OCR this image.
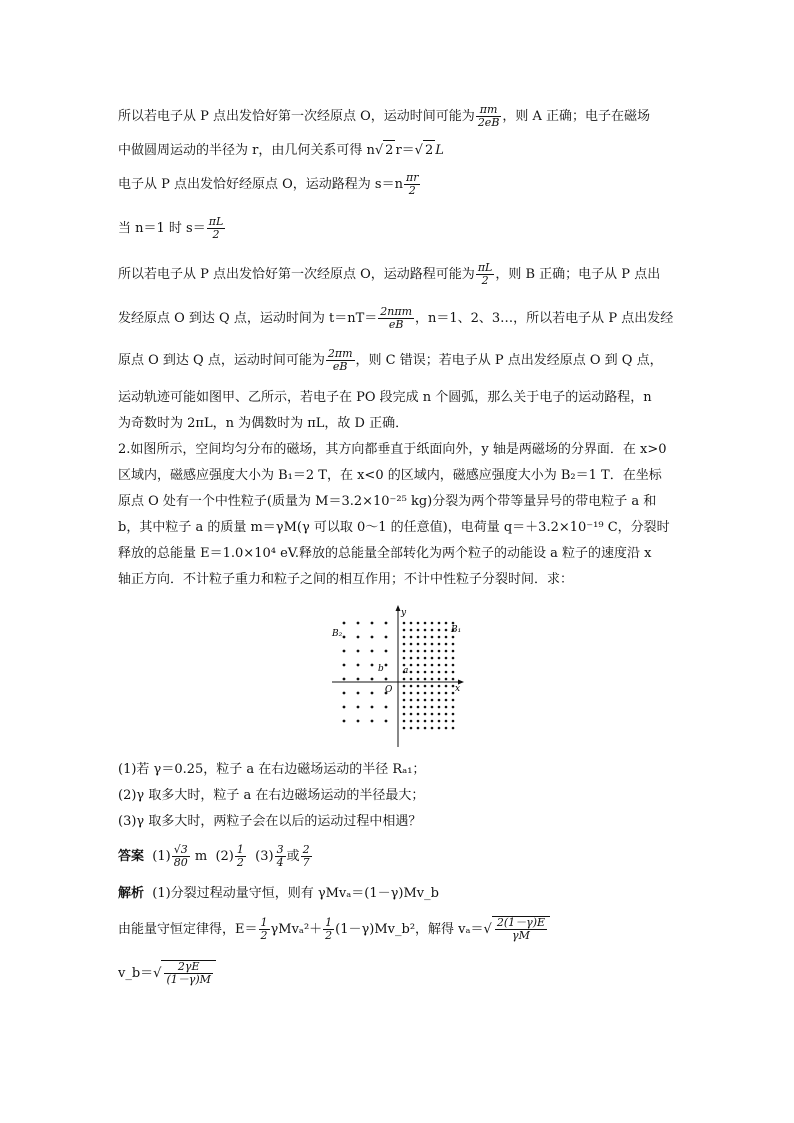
所以若电子从 P 点出发恰好第一次经原点 O，运动时间可能为 $\frac{\pi m}{2eB}$ ，则 A 正确；电子在磁场
中做圆周运动的半径为 r，由几何关系可得 n√ 2 r＝√ 2 L
电子从 P 点出发恰好经原点 O，运动路程为 $s=n \frac{\pi r}{2}$
当 n＝1 时 $s= \frac{\pi L}{2}$
所以若电子从 P 点出发恰好第一次经原点 O，运动路程可能为 $\frac{\pi L}{2}$ ，则 B 正确；电子从 P 点出
发经原点 O 到达 Q 点，运动时间为 $t=nT= \frac{\text{2nπm}}{eB}$ ，n＝1、2、3…，所以若电子从 P 点出发经
原点 O 到达 Q 点，运动时间可能为 $\frac{2\pi m}{eB}$ ，则 C 错误；若电子从 P 点出发经原点 O 到 Q 点，
运动轨迹可能如图甲、乙所示，若电子在 PO 段完成 n 个圆弧，那么关于电子的运动路程，n
为奇数时为 2πL，n 为偶数时为 πL，故 D 正确．
2.如图所示，空间均匀分布的磁场，其方向都垂直于纸面向外，y 轴是两磁场的分界面．在 x>0
区域内，磁感应强度大小为 B₁＝2 T，在 x<0 的区域内，磁感应强度大小为 B₂＝1 T．在坐标
原点 O 处有一个中性粒子(质量为 M＝3.2×10⁻²⁵ kg)分裂为两个带等量异号的带电粒子 a 和
b，其中粒子 a 的质量 m＝γM(γ 可以取 0～1 的任意值)，电荷量 q＝＋3.2×10⁻¹⁹ C，分裂时
释放的总能量 E＝1.0×10⁴ eV.释放的总能量全部转化为两个粒子的动能设 a 粒子的速度沿 x
轴正方向．不计粒子重力和粒子之间的相互作用；不计中性粒子分裂时间．求：
y
x
B₁
B₂
O
a
b
(1)若 γ＝0.25，粒子 a 在右边磁场运动的半径 Rₐ₁；
(2)γ 取多大时，粒子 a 在右边磁场运动的半径最大；
(3)γ 取多大时，两粒子会在以后的运动过程中相遇？
答案 $(1) \frac{√3}{80}$ m $(2) \frac{1}{2} (3) \frac{3}{4}$ 或 $\frac{2}{7}$
解析 (1)分裂过程动量守恒，则有 γMvₐ＝(1－γ)Mv_b
由能量守恒定律得，$E= \frac{1}{2} \gamma Mv_a^2+ \frac{1}{2}$ (1－γ)Mv_b²，解得 $v_a=√ \frac{2(1-\gamma)E}{\gamma M}$
v_b＝√ $\frac{2\gamma E}{(1-\gamma)M}$
